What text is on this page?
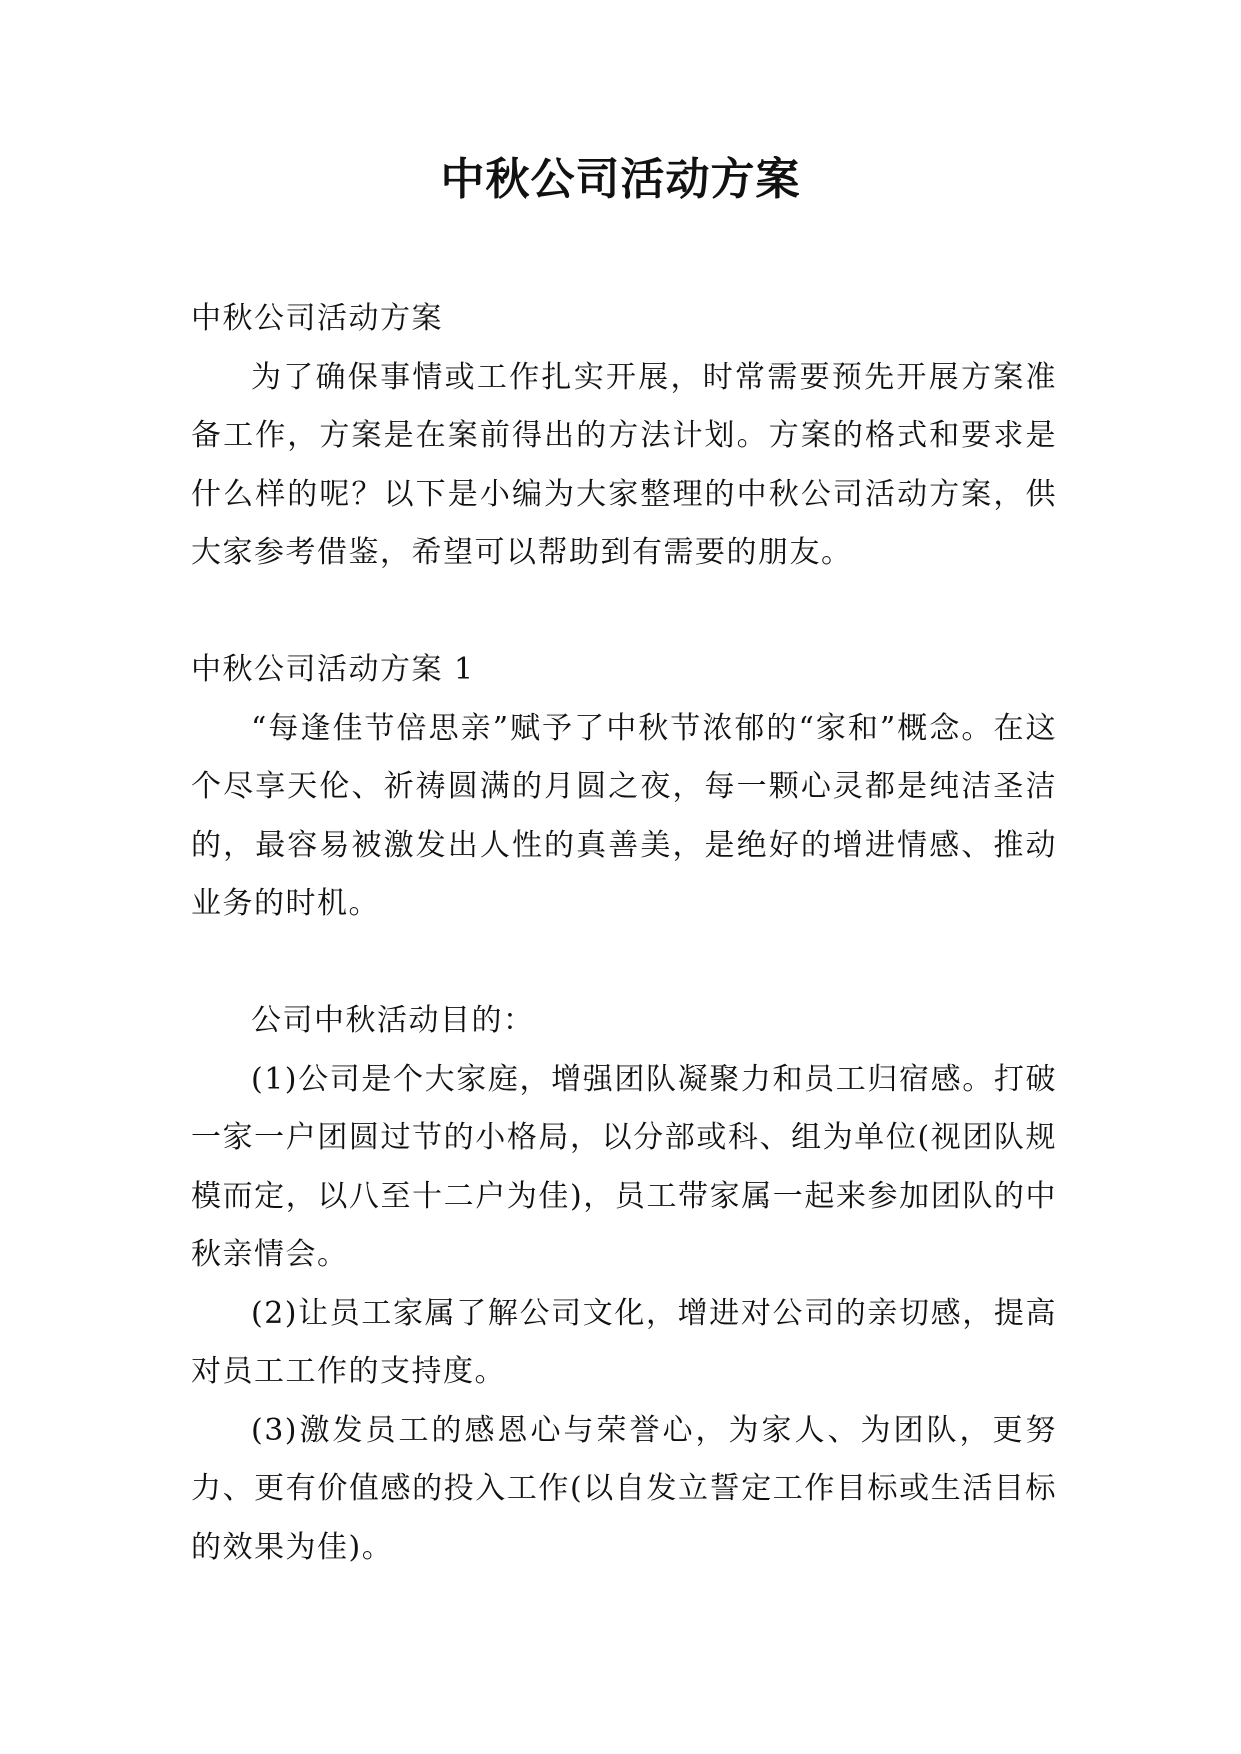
中秋公司活动方案

中秋公司活动方案

为了确保事情或工作扎实开展，时常需要预先开展方案准备工作，方案是在案前得出的方法计划。方案的格式和要求是什么样的呢？以下是小编为大家整理的中秋公司活动方案，供大家参考借鉴，希望可以帮助到有需要的朋友。

中秋公司活动方案 1

“每逢佳节倍思亲”赋予了中秋节浓郁的“家和”概念。在这个尽享天伦、祈祷圆满的月圆之夜，每一颗心灵都是纯洁圣洁的，最容易被激发出人性的真善美，是绝好的增进情感、推动业务的时机。

公司中秋活动目的：

(1)公司是个大家庭，增强团队凝聚力和员工归宿感。打破一家一户团圆过节的小格局，以分部或科、组为单位(视团队规模而定，以八至十二户为佳)，员工带家属一起来参加团队的中秋亲情会。

(2)让员工家属了解公司文化，增进对公司的亲切感，提高对员工工作的支持度。

(3)激发员工的感恩心与荣誉心，为家人、为团队，更努力、更有价值感的投入工作(以自发立誓定工作目标或生活目标的效果为佳)。
